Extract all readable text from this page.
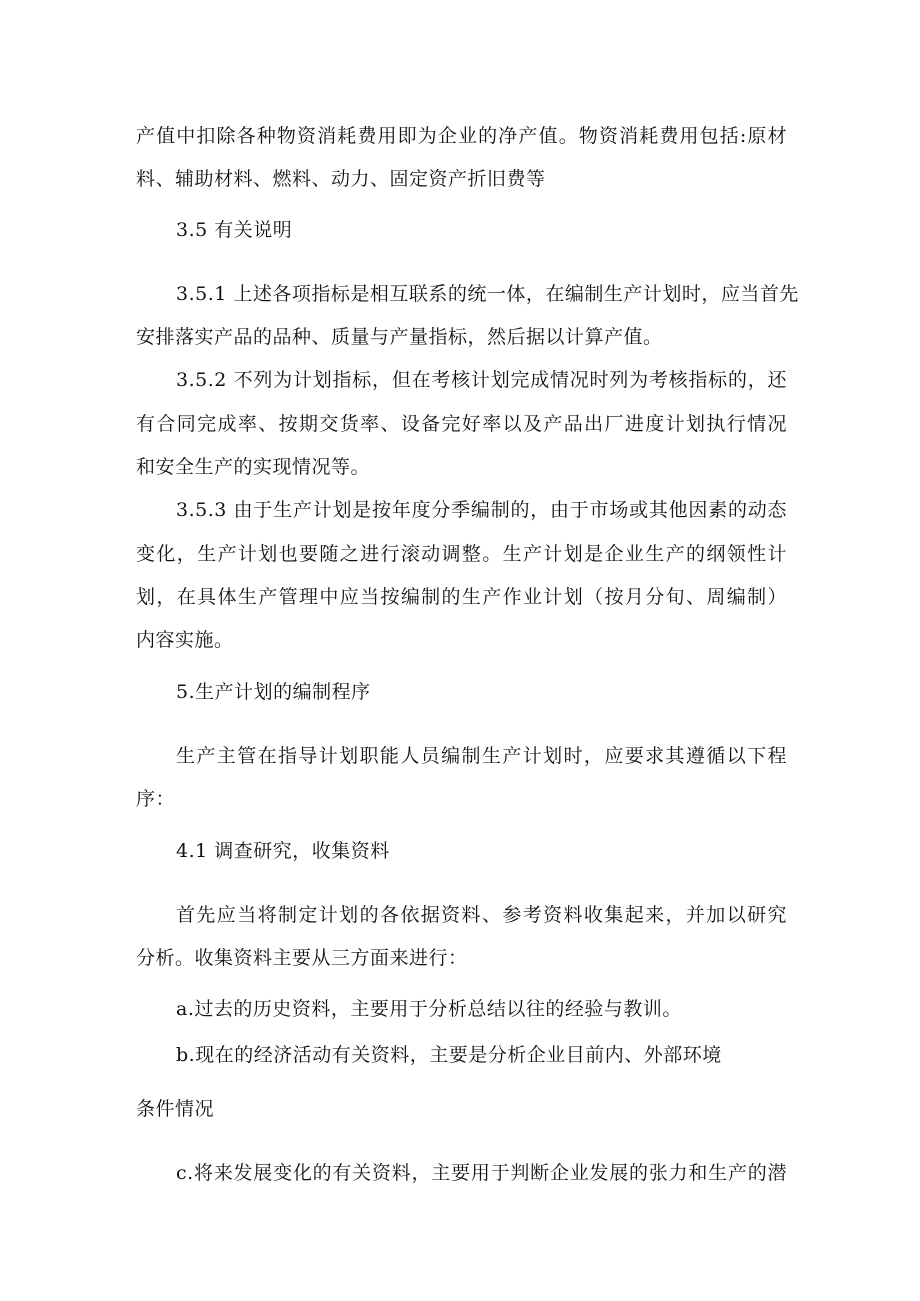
产值中扣除各种物资消耗费用即为企业的净产值。物资消耗费用包括:原材
料、辅助材料、燃料、动力、固定资产折旧费等
3.5 有关说明
3.5.1 上述各项指标是相互联系的统一体，在编制生产计划时，应当首先
安排落实产品的品种、质量与产量指标，然后据以计算产值。
3.5.2 不列为计划指标，但在考核计划完成情况时列为考核指标的，还
有合同完成率、按期交货率、设备完好率以及产品出厂进度计划执行情况
和安全生产的实现情况等。
3.5.3 由于生产计划是按年度分季编制的，由于市场或其他因素的动态
变化，生产计划也要随之进行滚动调整。生产计划是企业生产的纲领性计
划，在具体生产管理中应当按编制的生产作业计划（按月分旬、周编制）
内容实施。
5.生产计划的编制程序
生产主管在指导计划职能人员编制生产计划时，应要求其遵循以下程
序：
4.1 调查研究，收集资料
首先应当将制定计划的各依据资料、参考资料收集起来，并加以研究
分析。收集资料主要从三方面来进行：
a.过去的历史资料，主要用于分析总结以往的经验与教训。
b.现在的经济活动有关资料，主要是分析企业目前内、外部环境
条件情况
c.将来发展变化的有关资料，主要用于判断企业发展的张力和生产的潜
